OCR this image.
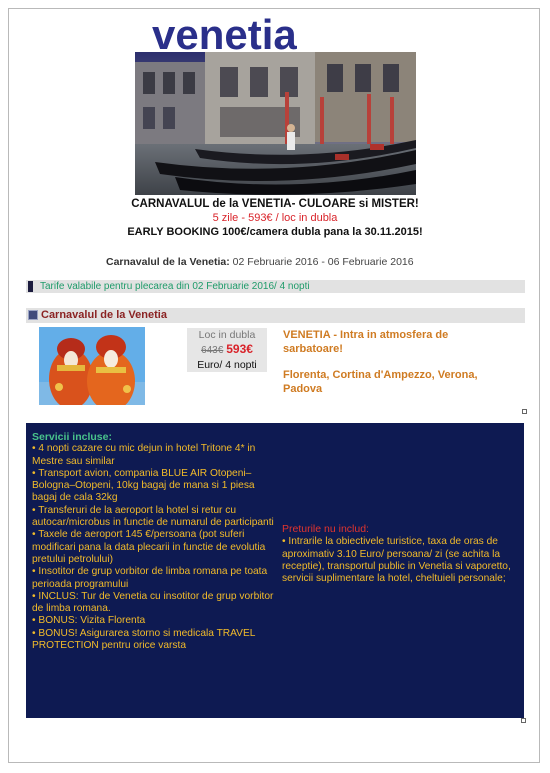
venetia
CARNAVALUL de la VENETIA- CULOARE si MISTER!
5 zile - 593€ / loc in dubla
EARLY BOOKING 100€/camera dubla pana la 30.11.2015!
Carnavalul de la Venetia: 02 Februarie 2016 - 06 Februarie 2016
Tarife valabile pentru plecarea din 02 Februarie 2016/ 4 nopti
Carnavalul de la Venetia
Loc in dubla
643€ 593€
Euro/ 4 nopti
VENETIA - Intra in atmosfera de sarbatoare!
Florenta, Cortina d'Ampezzo, Verona, Padova
Servicii incluse:
• 4 nopti cazare cu mic dejun in hotel Tritone 4* in Mestre sau similar
• Transport avion, compania BLUE AIR Otopeni–Bologna–Otopeni, 10kg bagaj de mana si 1 piesa bagaj de cala 32kg
• Transferuri de la aeroport la hotel si retur cu autocar/microbus in functie de numarul de participanti
• Taxele de aeroport 145 €/persoana (pot suferi modificari pana la data plecarii in functie de evolutia pretului petrolului)
• Insotitor de grup vorbitor de limba romana pe toata perioada programului
• INCLUS: Tur de Venetia cu insotitor de grup vorbitor de limba romana.
• BONUS: Vizita Florenta
• BONUS! Asigurarea storno si medicala TRAVEL PROTECTION pentru orice varsta
Preturile nu includ:
• Intrarile la obiectivele turistice, taxa de oras de aproximativ 3.10 Euro/ persoana/ zi (se achita la receptie), transportul public in Venetia si vaporetto, servicii suplimentare la hotel, cheltuieli personale;
